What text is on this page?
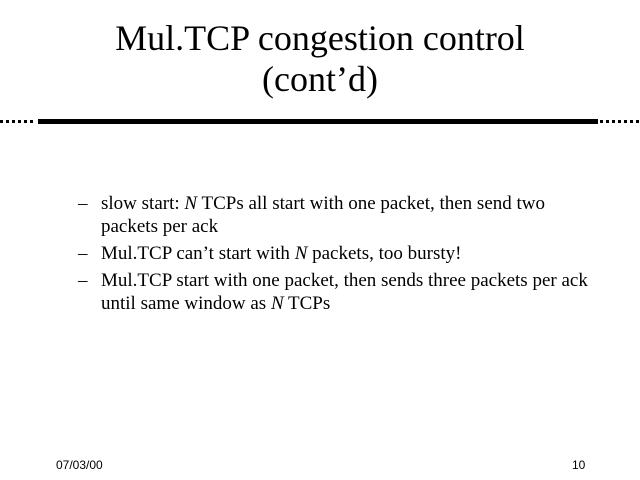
Mul.TCP congestion control
(cont’d)
– slow start: N TCPs all start with one packet, then send two packets per ack
– Mul.TCP can’t start with N packets, too bursty!
– Mul.TCP start with one packet, then sends three packets per ack until same window as N TCPs
07/03/00	10
